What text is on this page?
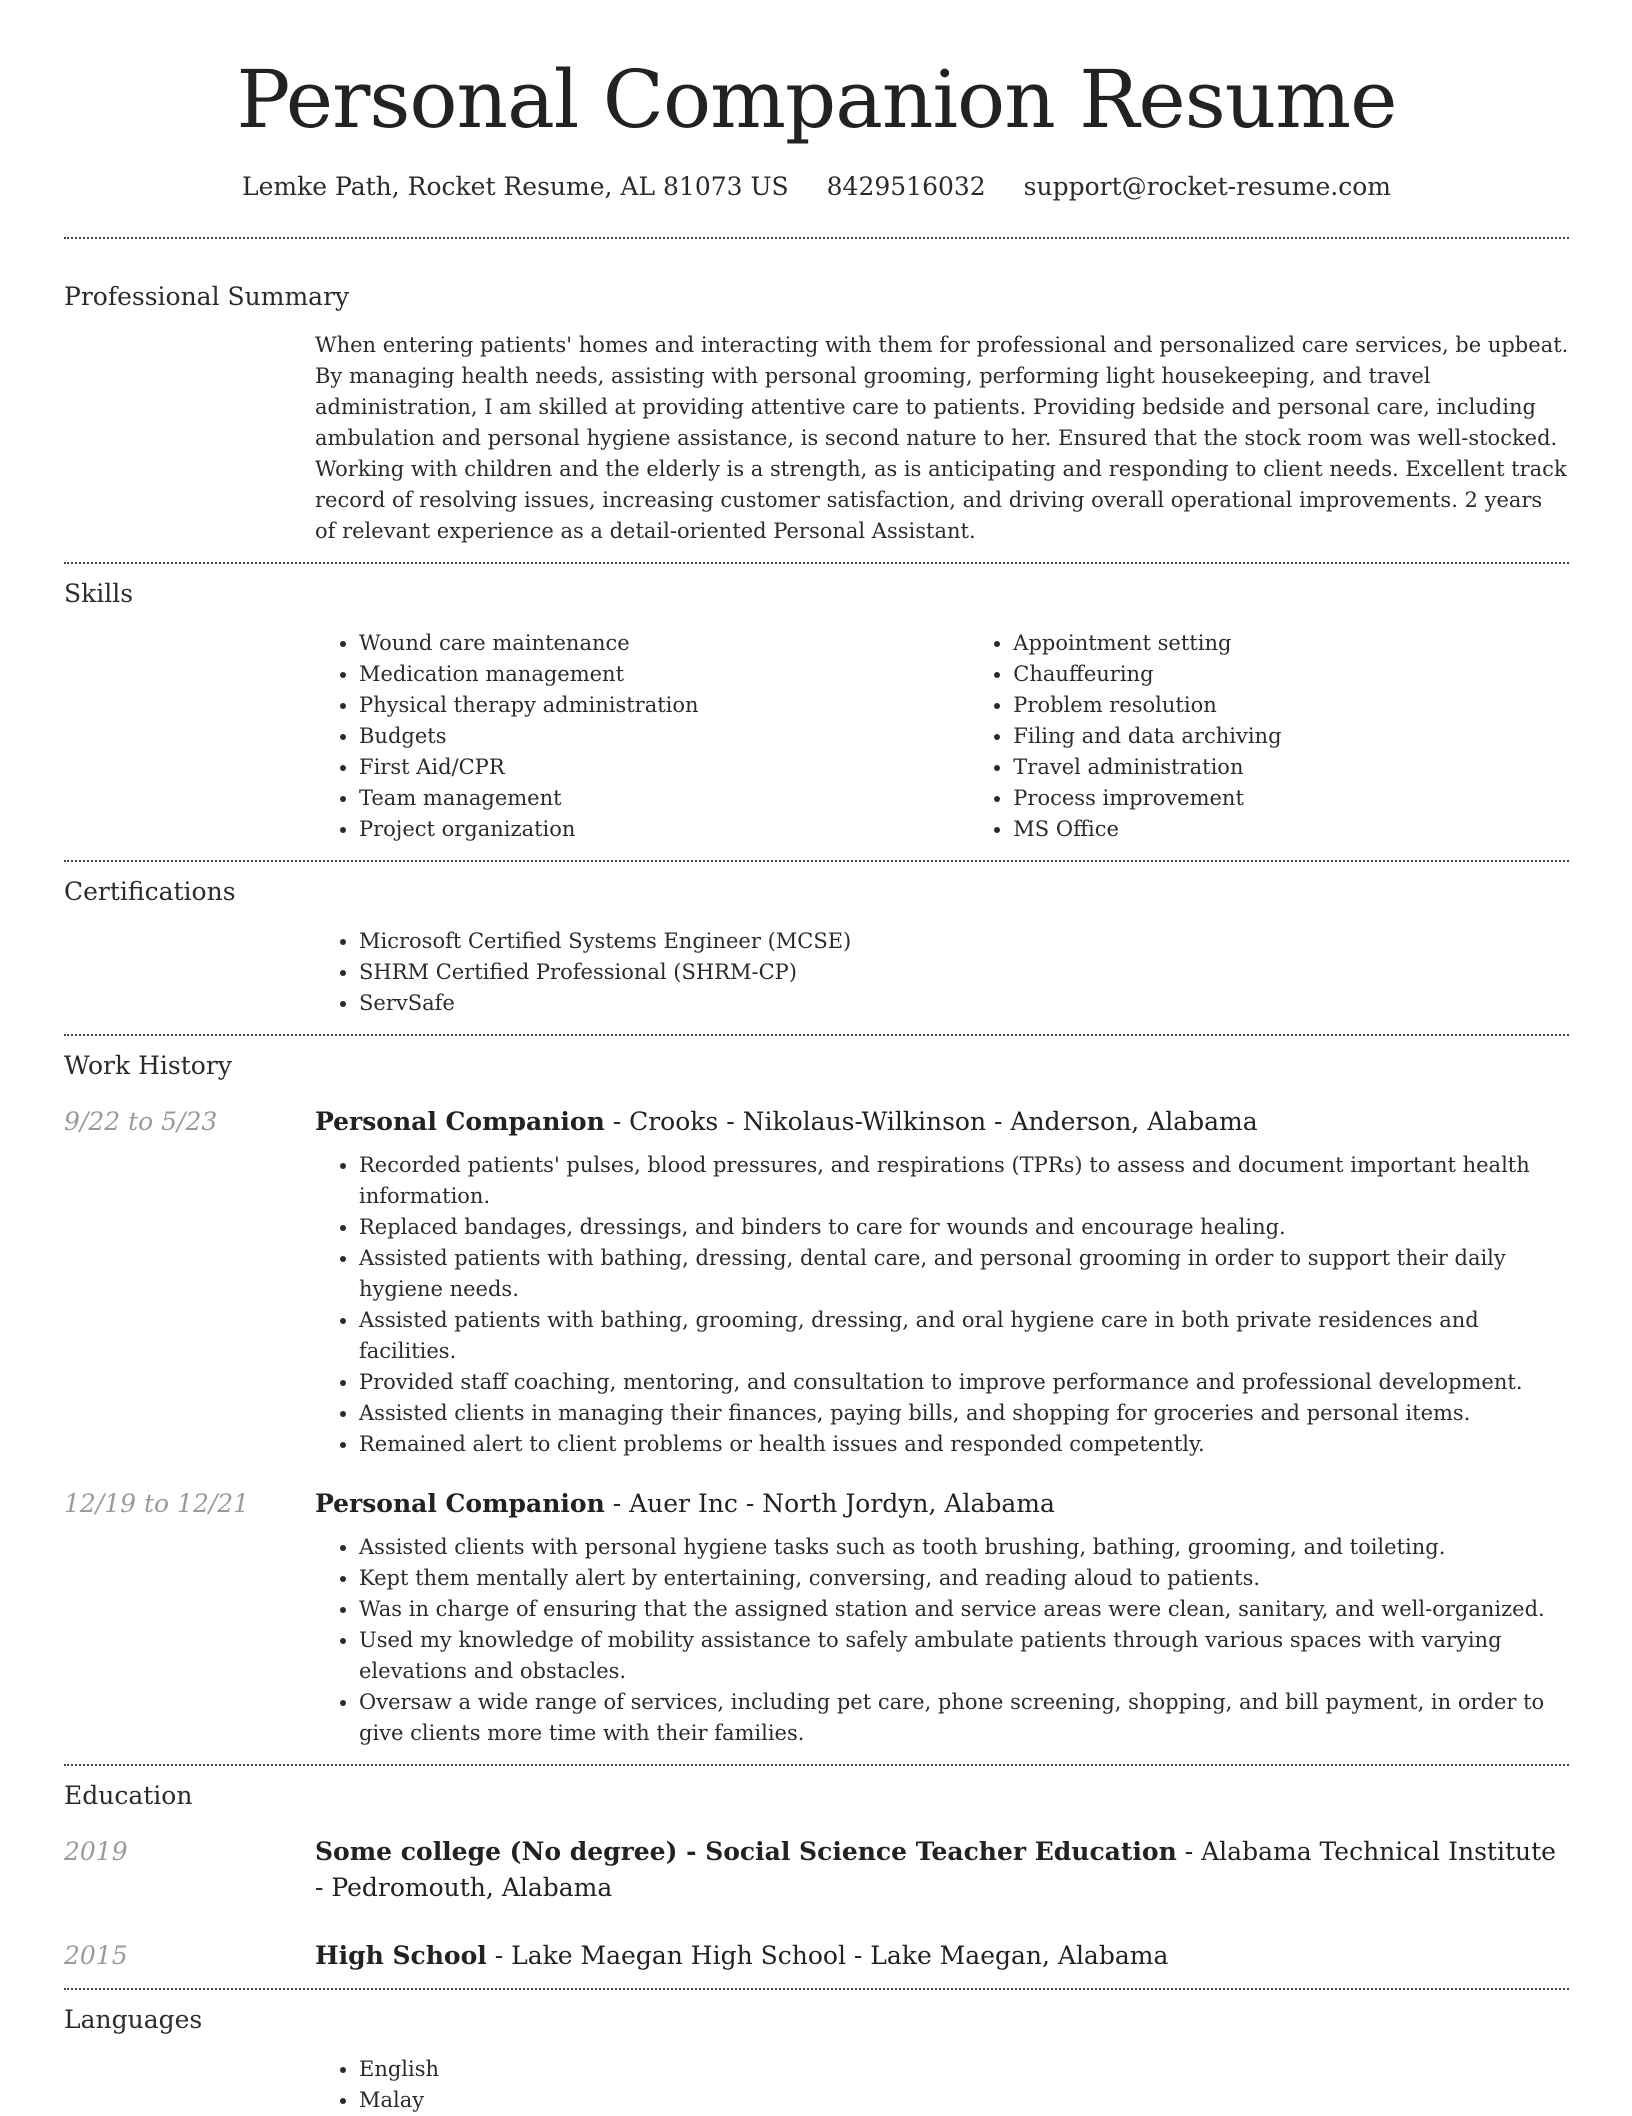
Personal Companion Resume
Lemke Path, Rocket Resume, AL 81073 US 8429516032 support@rocket-resume.com
Professional Summary
When entering patients' homes and interacting with them for professional and personalized care services, be upbeat. By managing health needs, assisting with personal grooming, performing light housekeeping, and travel administration, I am skilled at providing attentive care to patients. Providing bedside and personal care, including ambulation and personal hygiene assistance, is second nature to her. Ensured that the stock room was well-stocked. Working with children and the elderly is a strength, as is anticipating and responding to client needs. Excellent track record of resolving issues, increasing customer satisfaction, and driving overall operational improvements. 2 years of relevant experience as a detail-oriented Personal Assistant.
Skills
• Wound care maintenance
• Medication management
• Physical therapy administration
• Budgets
• First Aid/CPR
• Team management
• Project organization
• Appointment setting
• Chauffeuring
• Problem resolution
• Filing and data archiving
• Travel administration
• Process improvement
• MS Office
Certifications
• Microsoft Certified Systems Engineer (MCSE)
• SHRM Certified Professional (SHRM-CP)
• ServSafe
Work History
9/22 to 5/23	Personal Companion - Crooks - Nikolaus-Wilkinson - Anderson, Alabama
• Recorded patients' pulses, blood pressures, and respirations (TPRs) to assess and document important health information.
• Replaced bandages, dressings, and binders to care for wounds and encourage healing.
• Assisted patients with bathing, dressing, dental care, and personal grooming in order to support their daily hygiene needs.
• Assisted patients with bathing, grooming, dressing, and oral hygiene care in both private residences and facilities.
• Provided staff coaching, mentoring, and consultation to improve performance and professional development.
• Assisted clients in managing their finances, paying bills, and shopping for groceries and personal items.
• Remained alert to client problems or health issues and responded competently.
12/19 to 12/21	Personal Companion - Auer Inc - North Jordyn, Alabama
• Assisted clients with personal hygiene tasks such as tooth brushing, bathing, grooming, and toileting.
• Kept them mentally alert by entertaining, conversing, and reading aloud to patients.
• Was in charge of ensuring that the assigned station and service areas were clean, sanitary, and well-organized.
• Used my knowledge of mobility assistance to safely ambulate patients through various spaces with varying elevations and obstacles.
• Oversaw a wide range of services, including pet care, phone screening, shopping, and bill payment, in order to give clients more time with their families.
Education
2019	Some college (No degree) - Social Science Teacher Education - Alabama Technical Institute - Pedromouth, Alabama
2015	High School - Lake Maegan High School - Lake Maegan, Alabama
Languages
• English
• Malay
